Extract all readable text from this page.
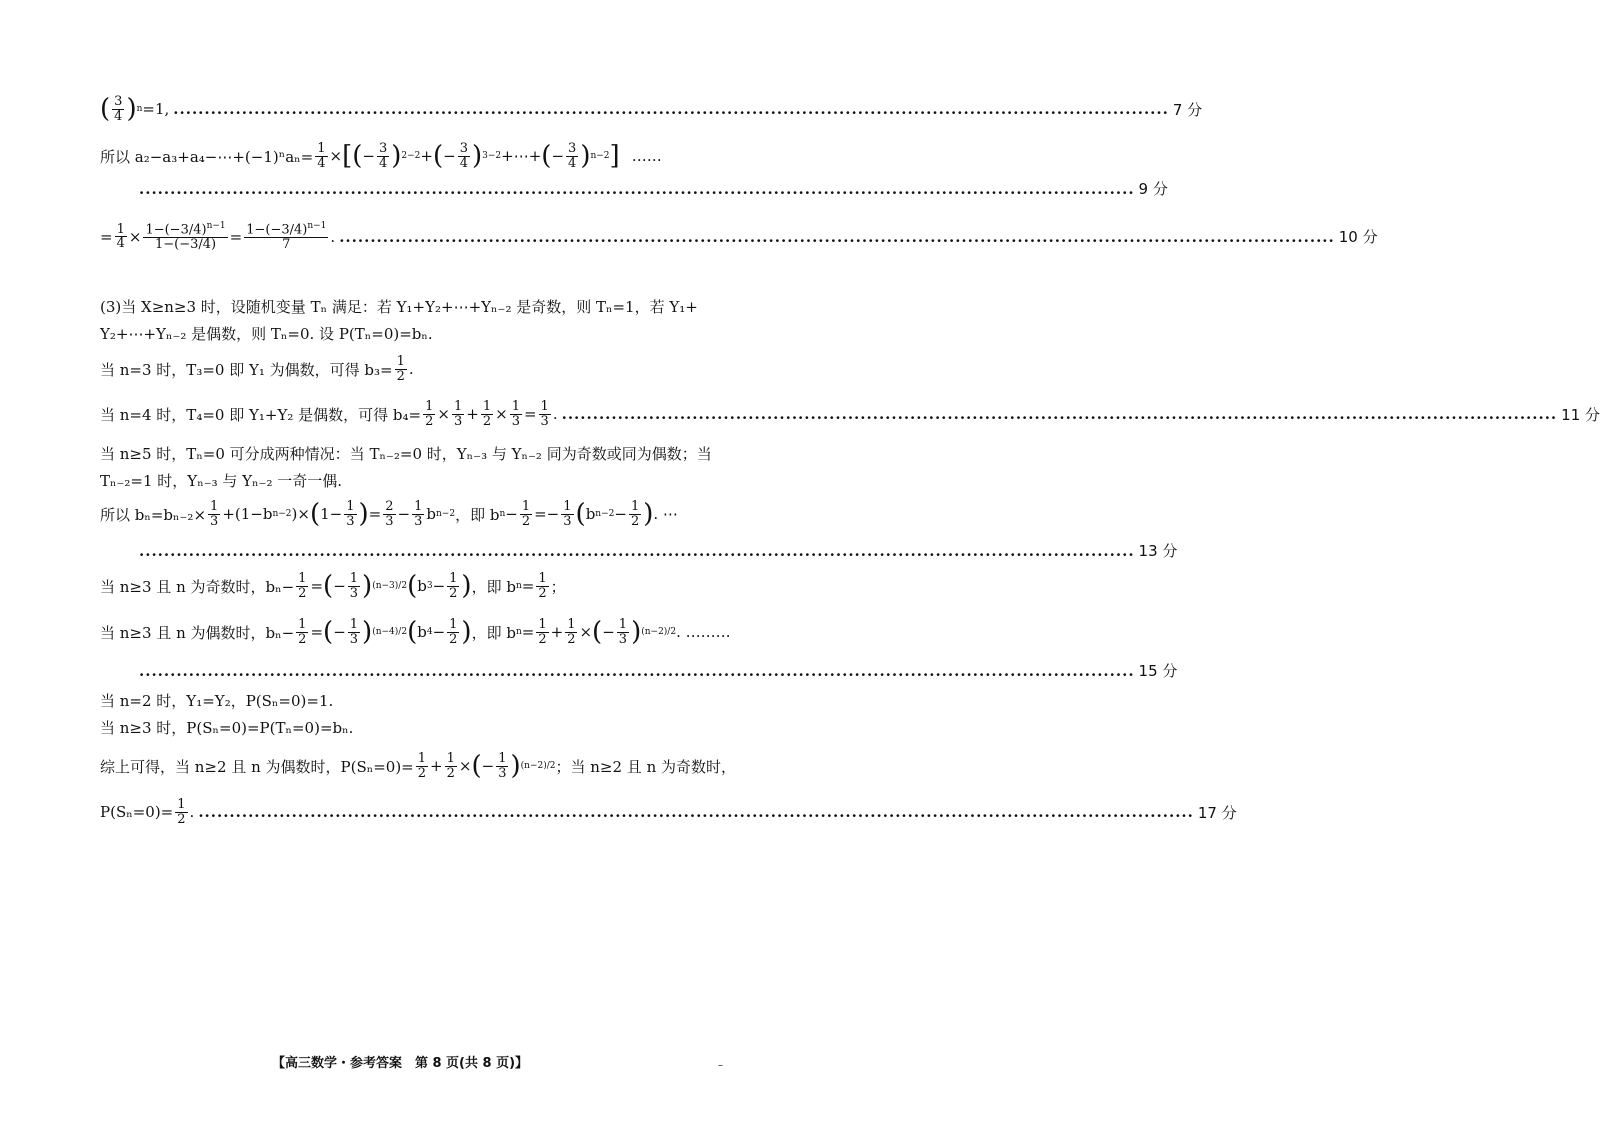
( $\frac{3}{4}$ ) n =1, ................................................................................................................................................................ 7 分
所以 a₂−a₃+a₄−⋯+(−1)ⁿaₙ= $\frac{1}{4}$ × [ ( − $\frac{3}{4}$ ) 2−2 + ( − $\frac{3}{4}$ ) 3−2 +⋯+ ( − $\frac{3}{4}$ ) n−2 ] ……
................................................................................................................................................................ 9 分
= $\frac{1}{4} \times \frac{1-(-3/4)^{n-1}}{1-(-3/4)} = \frac{1-(-3/4)^{n-1}}{7}$ . ................................................................................................................................................................ 10 分
(3)当 X≥n≥3 时，设随机变量 Tₙ 满足：若 Y₁+Y₂+⋯+Yₙ₋₂ 是奇数，则 Tₙ=1，若 Y₁+
Y₂+⋯+Yₙ₋₂ 是偶数，则 Tₙ=0. 设 P(Tₙ=0)=bₙ.
当 n=3 时，T₃=0 即 Y₁ 为偶数，可得 $b_3= \frac{1}{2}$ .
当 n=4 时，T₄=0 即 Y₁+Y₂ 是偶数，可得 $b_4= \frac{1}{2} \times \frac{1}{3} + \frac{1}{2} \times \frac{1}{3} = \frac{1}{3}$ . ................................................................................................................................................................ 11 分
当 n≥5 时，Tₙ=0 可分成两种情况：当 Tₙ₋₂=0 时，Yₙ₋₃ 与 Yₙ₋₂ 同为奇数或同为偶数；当
Tₙ₋₂=1 时，Yₙ₋₃ 与 Yₙ₋₂ 一奇一偶.
所以 $b_n=b_{n-2}\times \frac{1}{3} +(1-b$ n−2 )× ( $1- \frac{1}{3}$ ) = $\frac{2}{3} - \frac{1}{3}$ b n−2 ，即 b $n - \frac{1}{2} =- \frac{1}{3}$ ( b $n-2 - \frac{1}{2}$ ) . ⋯
................................................................................................................................................................ 13 分
当 n≥3 且 n 为奇数时，$b_n- \frac{1}{2}$ = ( − $\frac{1}{3}$ ) (n−3)/2 ( b $3 - \frac{1}{2}$ ) ，即 b $n = \frac{1}{2}$ ；
当 n≥3 且 n 为偶数时，$b_n- \frac{1}{2}$ = ( − $\frac{1}{3}$ ) (n−4)/2 ( b $4 - \frac{1}{2}$ ) ，即 b $n = \frac{1}{2} + \frac{1}{2}$ × ( − $\frac{1}{3}$ ) (n−2)/2 . ………
................................................................................................................................................................ 15 分
当 n=2 时，Y₁=Y₂，P(Sₙ=0)=1.
当 n≥3 时，P(Sₙ=0)=P(Tₙ=0)=bₙ.
综上可得，当 n≥2 且 n 为偶数时，$P(S_n=0)= \frac{1}{2} + \frac{1}{2}$ × ( − $\frac{1}{3}$ ) (n−2)/2 ；当 n≥2 且 n 为奇数时，
$P(S_n=0)= \frac{1}{2}$ . ................................................................................................................................................................ 17 分
【高三数学・参考答案　第 8 页(共 8 页)】	–
